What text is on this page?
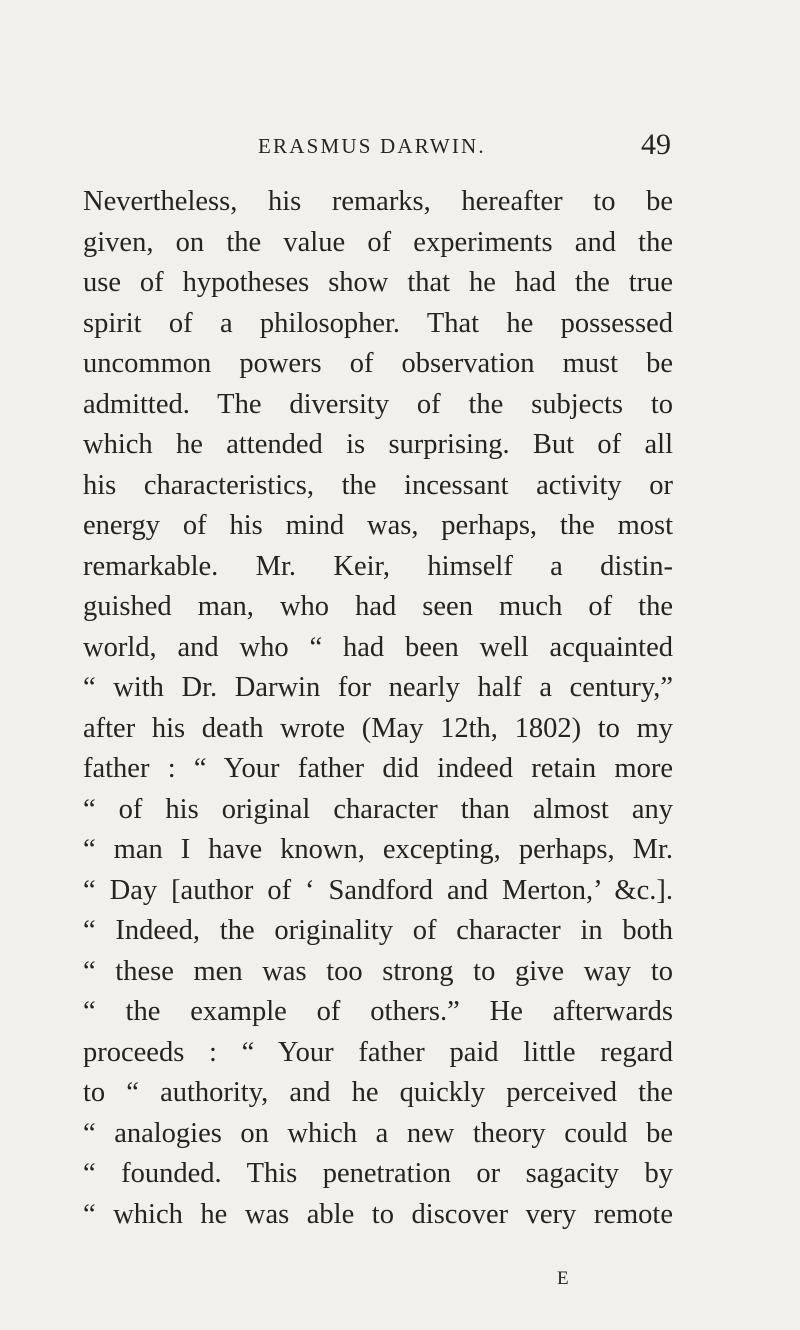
ERASMUS DARWIN.	49
Nevertheless, his remarks, hereafter to be
given, on the value of experiments and the
use of hypotheses show that he had the true
spirit of a philosopher. That he possessed
uncommon powers of observation must be
admitted. The diversity of the subjects to
which he attended is surprising. But of all
his characteristics, the incessant activity or
energy of his mind was, perhaps, the most
remarkable. Mr. Keir, himself a distin-
guished man, who had seen much of the
world, and who “ had been well acquainted
“ with Dr. Darwin for nearly half a century,”
after his death wrote (May 12th, 1802) to my
father : “ Your father did indeed retain more
“ of his original character than almost any
“ man I have known, excepting, perhaps, Mr.
“ Day [author of ‘ Sandford and Merton,’ &c.].
“ Indeed, the originality of character in both
“ these men was too strong to give way to
“ the example of others.” He afterwards
proceeds : “ Your father paid little regard
to “ authority, and he quickly perceived the
“ analogies on which a new theory could be
“ founded. This penetration or sagacity by
“ which he was able to discover very remote
E
